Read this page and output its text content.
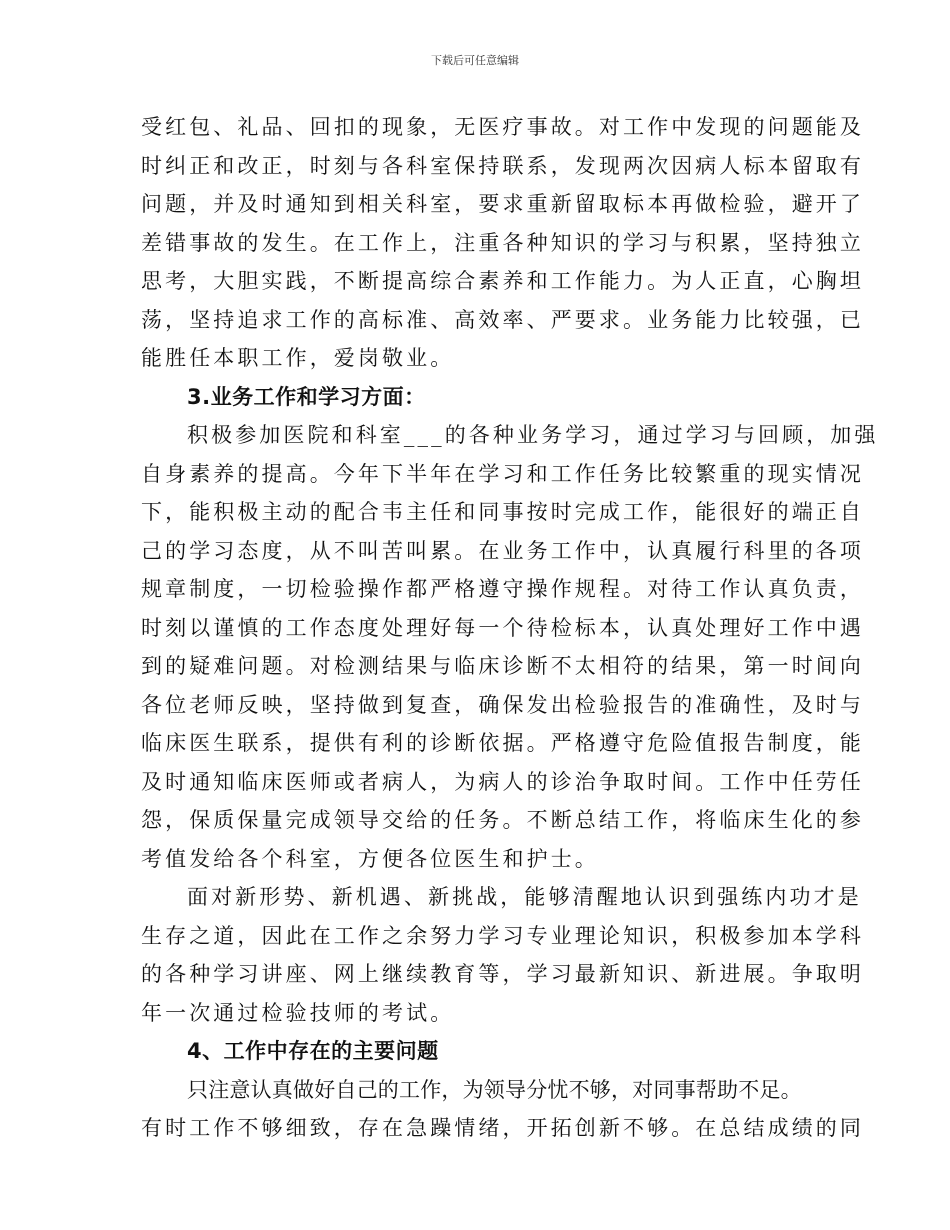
下载后可任意编辑
受红包、礼品、回扣的现象，无医疗事故。对工作中发现的问题能及
时纠正和改正，时刻与各科室保持联系，发现两次因病人标本留取有
问题，并及时通知到相关科室，要求重新留取标本再做检验，避开了
差错事故的发生。在工作上，注重各种知识的学习与积累，坚持独立
思考，大胆实践，不断提高综合素养和工作能力。为人正直，心胸坦
荡，坚持追求工作的高标准、高效率、严要求。业务能力比较强，已
能胜任本职工作，爱岗敬业。
3.业务工作和学习方面：
积极参加医院和科室___的各种业务学习，通过学习与回顾，加强
自身素养的提高。今年下半年在学习和工作任务比较繁重的现实情况
下，能积极主动的配合韦主任和同事按时完成工作，能很好的端正自
己的学习态度，从不叫苦叫累。在业务工作中，认真履行科里的各项
规章制度，一切检验操作都严格遵守操作规程。对待工作认真负责，
时刻以谨慎的工作态度处理好每一个待检标本，认真处理好工作中遇
到的疑难问题。对检测结果与临床诊断不太相符的结果，第一时间向
各位老师反映，坚持做到复查，确保发出检验报告的准确性，及时与
临床医生联系，提供有利的诊断依据。严格遵守危险值报告制度，能
及时通知临床医师或者病人，为病人的诊治争取时间。工作中任劳任
怨，保质保量完成领导交给的任务。不断总结工作，将临床生化的参
考值发给各个科室，方便各位医生和护士。
面对新形势、新机遇、新挑战，能够清醒地认识到强练内功才是
生存之道，因此在工作之余努力学习专业理论知识，积极参加本学科
的各种学习讲座、网上继续教育等，学习最新知识、新进展。争取明
年一次通过检验技师的考试。
4、工作中存在的主要问题
只注意认真做好自己的工作，为领导分忧不够，对同事帮助不足。
有时工作不够细致，存在急躁情绪，开拓创新不够。在总结成绩的同
